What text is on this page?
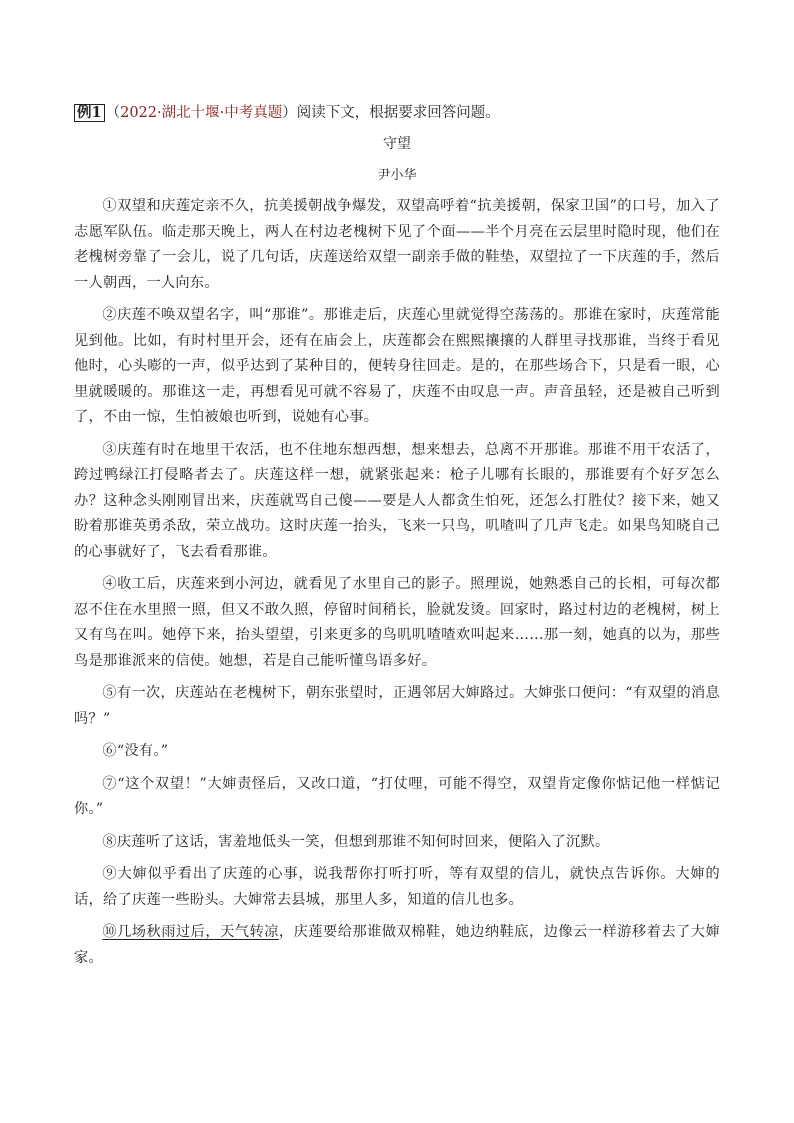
例1 （2022·湖北十堰·中考真题）阅读下文，根据要求回答问题。
守望
尹小华

①双望和庆莲定亲不久，抗美援朝战争爆发，双望高呼着“抗美援朝，保家卫国”的口号，加入了志愿军队伍。临走那天晚上，两人在村边老槐树下见了个面——半个月亮在云层里时隐时现，他们在老槐树旁靠了一会儿，说了几句话，庆莲送给双望一副亲手做的鞋垫，双望拉了一下庆莲的手，然后一人朝西，一人向东。

②庆莲不唤双望名字，叫“那谁”。那谁走后，庆莲心里就觉得空荡荡的。那谁在家时，庆莲常能见到他。比如，有时村里开会，还有在庙会上，庆莲都会在熙熙攘攘的人群里寻找那谁，当终于看见他时，心头嘭的一声，似乎达到了某种目的，便转身往回走。是的，在那些场合下，只是看一眼，心里就暖暖的。那谁这一走，再想看见可就不容易了，庆莲不由叹息一声。声音虽轻，还是被自己听到了，不由一惊，生怕被娘也听到，说她有心事。

③庆莲有时在地里干农活，也不住地东想西想，想来想去，总离不开那谁。那谁不用干农活了，跨过鸭绿江打侵略者去了。庆莲这样一想，就紧张起来：枪子儿哪有长眼的，那谁要有个好歹怎么办？这种念头刚刚冒出来，庆莲就骂自己傻——要是人人都贪生怕死，还怎么打胜仗？接下来，她又盼着那谁英勇杀敌，荣立战功。这时庆莲一抬头，飞来一只鸟，叽喳叫了几声飞走。如果鸟知晓自己的心事就好了，飞去看看那谁。

④收工后，庆莲来到小河边，就看见了水里自己的影子。照理说，她熟悉自己的长相，可每次都忍不住在水里照一照，但又不敢久照，停留时间稍长，脸就发烫。回家时，路过村边的老槐树，树上又有鸟在叫。她停下来，抬头望望，引来更多的鸟叽叽喳喳欢叫起来……那一刻，她真的以为，那些鸟是那谁派来的信使。她想，若是自己能听懂鸟语多好。

⑤有一次，庆莲站在老槐树下，朝东张望时，正遇邻居大婶路过。大婶张口便问：“有双望的消息吗？”

⑥“没有。”

⑦“这个双望！”大婶责怪后，又改口道，“打仗哩，可能不得空，双望肯定像你惦记他一样惦记你。”

⑧庆莲听了这话，害羞地低头一笑，但想到那谁不知何时回来，便陷入了沉默。

⑨大婶似乎看出了庆莲的心事，说我帮你打听打听，等有双望的信儿，就快点告诉你。大婶的话，给了庆莲一些盼头。大婶常去县城，那里人多，知道的信儿也多。

⑩几场秋雨过后，天气转凉，庆莲要给那谁做双棉鞋，她边纳鞋底，边像云一样游移着去了大婶家。
